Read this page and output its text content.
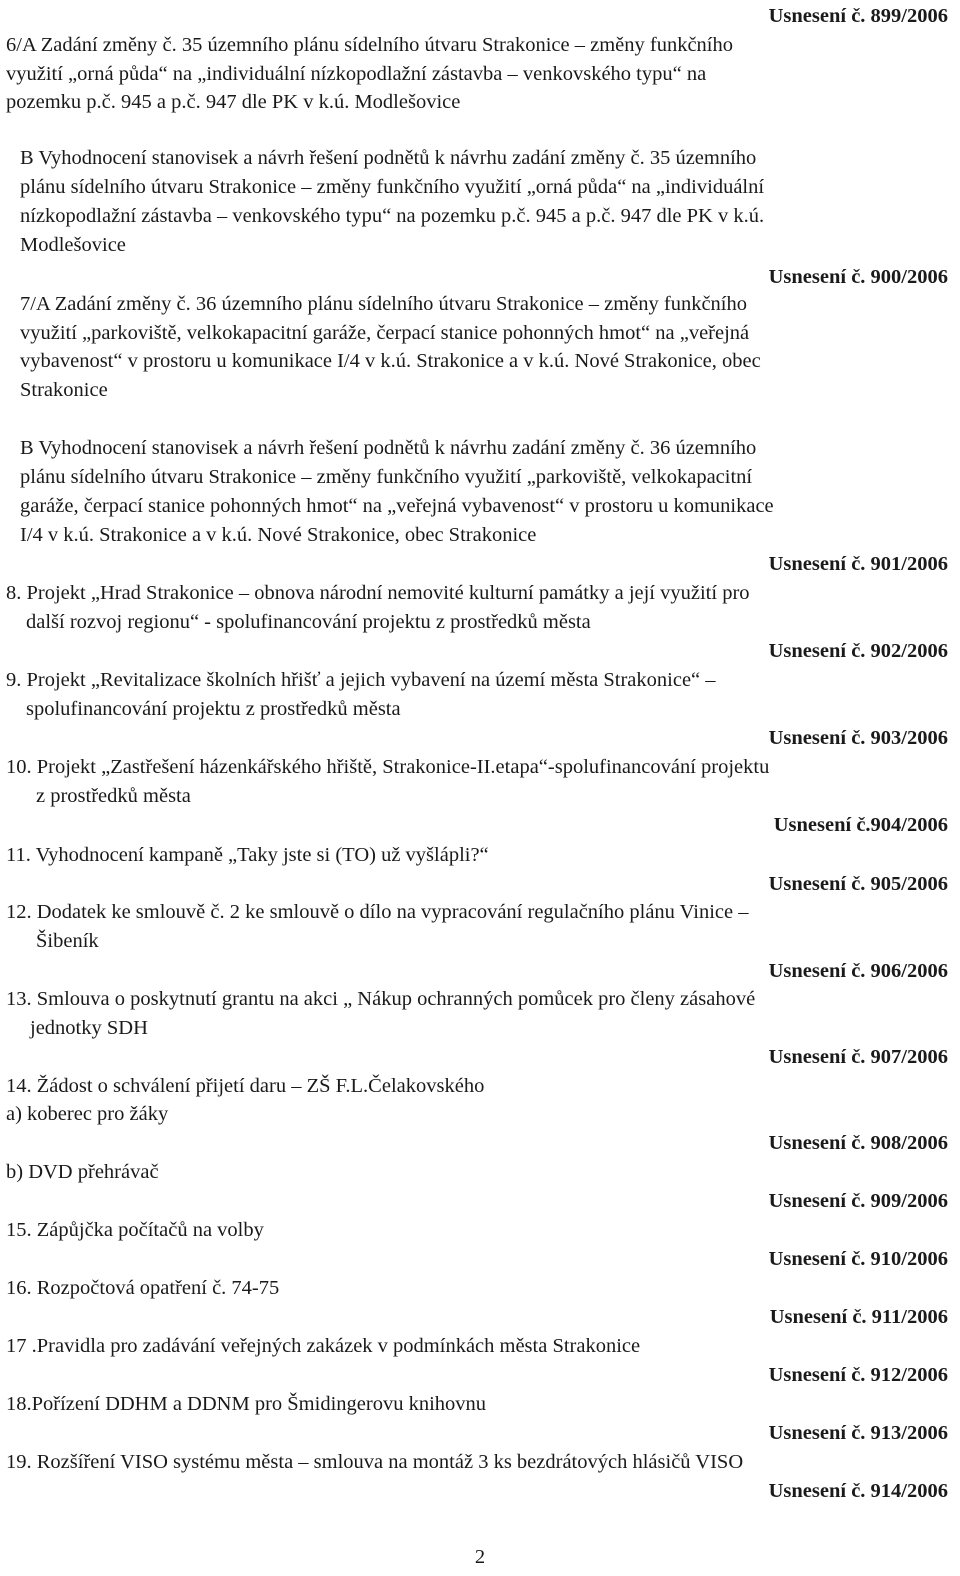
Usnesení č. 899/2006
Usnesení č. 900/2006
Usnesení č. 901/2006
Usnesení č. 902/2006
Usnesení č. 903/2006
Usnesení č.904/2006
Usnesení č. 905/2006
Usnesení č. 906/2006
Usnesení č. 907/2006
Usnesení č. 908/2006
Usnesení č. 909/2006
Usnesení č. 910/2006
Usnesení č. 911/2006
Usnesení č. 912/2006
Usnesení č. 913/2006
Usnesení č. 914/2006
6/A Zadání změny č. 35 územního plánu sídelního útvaru Strakonice – změny funkčního
využití „orná půda“ na „individuální nízkopodlažní zástavba – venkovského typu“ na
pozemku p.č. 945 a p.č. 947 dle PK v k.ú. Modlešovice
B Vyhodnocení stanovisek a návrh řešení podnětů k návrhu zadání změny č. 35 územního
plánu sídelního útvaru Strakonice – změny funkčního využití „orná půda“ na „individuální
nízkopodlažní zástavba – venkovského typu“ na pozemku p.č. 945 a p.č. 947 dle PK v k.ú.
Modlešovice
7/A Zadání změny č. 36 územního plánu sídelního útvaru Strakonice – změny funkčního
využití „parkoviště, velkokapacitní garáže, čerpací stanice pohonných hmot“ na „veřejná
vybavenost“ v prostoru u komunikace I/4 v k.ú. Strakonice a v k.ú. Nové Strakonice, obec
Strakonice
B Vyhodnocení stanovisek a návrh řešení podnětů k návrhu zadání změny č. 36 územního
plánu sídelního útvaru Strakonice – změny funkčního využití „parkoviště, velkokapacitní
garáže, čerpací stanice pohonných hmot“ na „veřejná vybavenost“ v prostoru u komunikace
I/4 v k.ú. Strakonice a v k.ú. Nové Strakonice, obec Strakonice
8. Projekt „Hrad Strakonice – obnova národní nemovité kulturní památky a její využití pro
další rozvoj regionu“ - spolufinancování projektu z prostředků města
9. Projekt „Revitalizace školních hřišť a jejich vybavení na území města Strakonice“ –
spolufinancování projektu z prostředků města
10. Projekt „Zastřešení házenkářského hřiště, Strakonice-II.etapa“-spolufinancování projektu
z prostředků města
11. Vyhodnocení kampaně „Taky jste si (TO) už vyšlápli?“
12. Dodatek ke smlouvě č. 2 ke smlouvě o dílo na vypracování regulačního plánu Vinice –
Šibeník
13. Smlouva o poskytnutí grantu na akci „ Nákup ochranných pomůcek pro členy zásahové
jednotky SDH
14. Žádost o schválení přijetí daru – ZŠ F.L.Čelakovského
a) koberec pro žáky
b) DVD přehrávač
15. Zápůjčka počítačů na volby
16. Rozpočtová opatření č. 74-75
17 .Pravidla pro zadávání veřejných zakázek v podmínkách města Strakonice
18.Pořízení DDHM a DDNM pro Šmidingerovu knihovnu
19. Rozšíření VISO systému města – smlouva na montáž 3 ks bezdrátových hlásičů VISO
2
